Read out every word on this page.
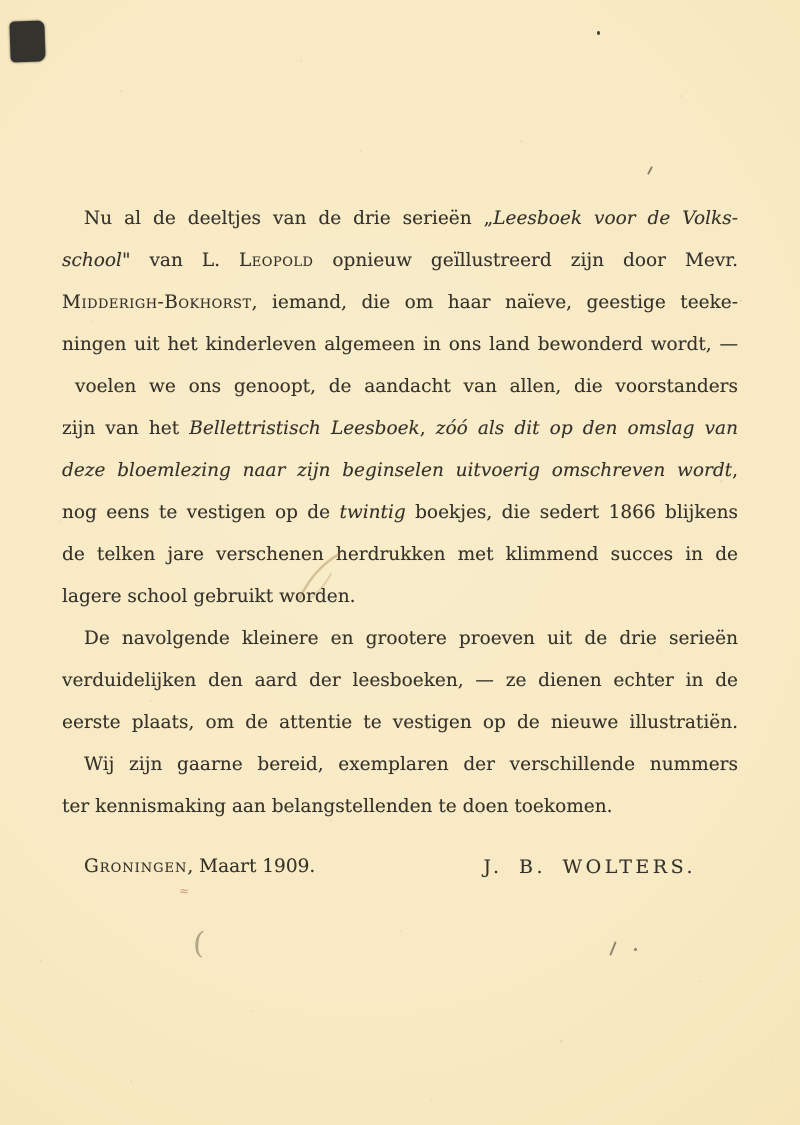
Nu al de deeltjes van de drie serieën „Leesboek voor de Volks-
school" van L. Leopold opnieuw geïllustreerd zijn door Mevr.
Midderigh-Bokhorst, iemand, die om haar naïeve, geestige teeke-
ningen uit het kinderleven algemeen in ons land bewonderd wordt, —
voelen we ons genoopt, de aandacht van allen, die voorstanders
zijn van het Bellettristisch Leesboek, zóó als dit op den omslag van
deze bloemlezing naar zijn beginselen uitvoerig omschreven wordt,
nog eens te vestigen op de twintig boekjes, die sedert 1866 blijkens
de telken jare verschenen herdrukken met klimmend succes in de
lagere school gebruikt worden.
De navolgende kleinere en grootere proeven uit de drie serieën
verduidelijken den aard der leesboeken, — ze dienen echter in de
eerste plaats, om de attentie te vestigen op de nieuwe illustratiën.
Wij zijn gaarne bereid, exemplaren der verschillende nummers
ter kennismaking aan belangstellenden te doen toekomen.
Groningen, Maart 1909.	J. B. WOLTERS.
(
≈
